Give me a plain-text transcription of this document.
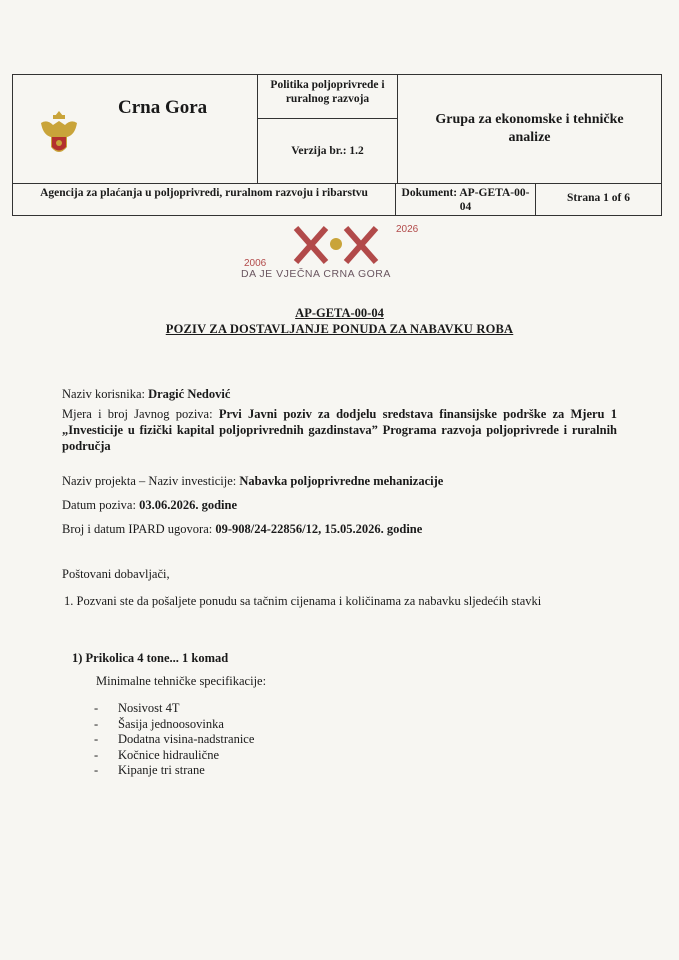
Crna Gora
Politika poljoprivrede i ruralnog razvoja
Verzija br.: 1.2
Grupa za ekonomske i tehničke analize
Agencija za plaćanja u poljoprivredi, ruralnom razvoju i ribarstvu	Dokument: AP-GETA-00-04
Strana 1 of 6
2006
2026
DA JE VJEČNA CRNA GORA
AP-GETA-00-04
POZIV ZA DOSTAVLJANJE PONUDA ZA NABAVKU ROBA
Naziv korisnika: Dragić Nedović
Mjera i broj Javnog poziva: Prvi Javni poziv za dodjelu sredstava finansijske podrške za Mjeru 1 „Investicije u fizički kapital poljoprivrednih gazdinstava” Programa razvoja poljoprivrede i ruralnih područja
Naziv projekta – Naziv investicije: Nabavka poljoprivredne mehanizacije
Datum poziva: 03.06.2026. godine
Broj i datum IPARD ugovora: 09-908/24-22856/12, 15.05.2026. godine
Poštovani dobavljači,
1. Pozvani ste da pošaljete ponudu sa tačnim cijenama i količinama za nabavku sljedećih stavki
1) Prikolica 4 tone... 1 komad
Minimalne tehničke specifikacije:
- Nosivost 4T
- Šasija jednoosovinka
- Dodatna visina-nadstranice
- Kočnice hidraulične
- Kipanje tri strane
